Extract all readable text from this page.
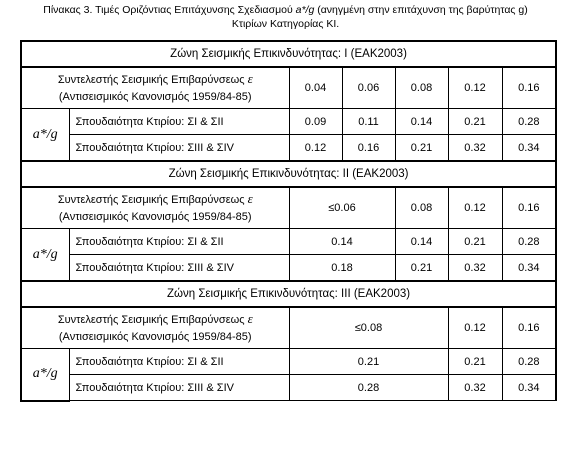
Πίνακας 3. Τιμές Οριζόντιας Επιτάχυνσης Σχεδιασμού a*/g (ανηγμένη στην επιτάχυνση της βαρύτητας g)
Κτιρίων Κατηγορίας ΚΙ.
Ζώνη Σεισμικής Επικινδυνότητας: Ι (ΕΑΚ2003)						
Συντελεστής Σεισμικής Επιβαρύνσεως ε
(Αντισεισμικός Κανονισμός 1959/84-85)		0.04	0.06	0.08	0.12	0.16
a*/g	Σπουδαιότητα Κτιρίου: ΣΙ & ΣΙΙ	0.09	0.11	0.14	0.21	0.28
	Σπουδαιότητα Κτιρίου: ΣΙΙΙ & ΣΙV	0.12	0.16	0.21	0.32	0.34
Ζώνη Σεισμικής Επικινδυνότητας: ΙΙ (ΕΑΚ2003)						
Συντελεστής Σεισμικής Επιβαρύνσεως ε
(Αντισεισμικός Κανονισμός 1959/84-85)		≤0.06		0.08	0.12	0.16
a*/g	Σπουδαιότητα Κτιρίου: ΣΙ & ΣΙΙ	0.14		0.14	0.21	0.28
	Σπουδαιότητα Κτιρίου: ΣΙΙΙ & ΣΙV	0.18		0.21	0.32	0.34
Ζώνη Σεισμικής Επικινδυνότητας: ΙΙΙ (ΕΑΚ2003)						
Συντελεστής Σεισμικής Επιβαρύνσεως ε
(Αντισεισμικός Κανονισμός 1959/84-85)		≤0.08			0.12	0.16
a*/g	Σπουδαιότητα Κτιρίου: ΣΙ & ΣΙΙ	0.21			0.21	0.28
	Σπουδαιότητα Κτιρίου: ΣΙΙΙ & ΣΙV	0.28			0.32	0.34
